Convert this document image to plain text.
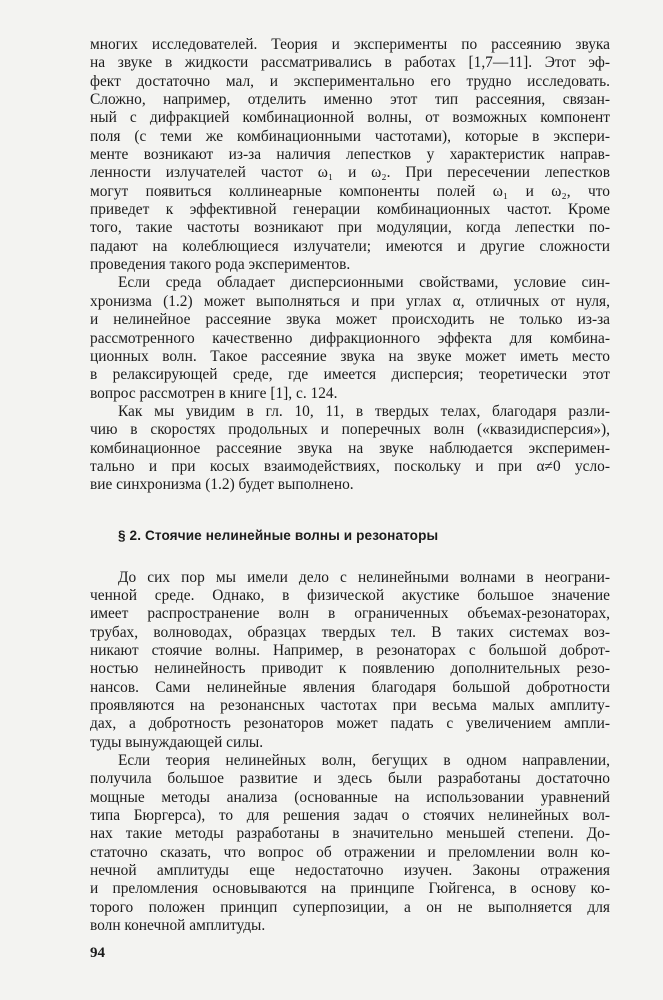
многих исследователей. Теория и эксперименты по рассеянию звука
на звуке в жидкости рассматривались в работах [1,7—11]. Этот эф-
фект достаточно мал, и экспериментально его трудно исследовать.
Сложно, например, отделить именно этот тип рассеяния, связан-
ный с дифракцией комбинационной волны, от возможных компонент
поля (с теми же комбинационными частотами), которые в экспери-
менте возникают из-за наличия лепестков у характеристик направ-
ленности излучателей частот ω₁ и ω₂. При пересечении лепестков
могут появиться коллинеарные компоненты полей ω₁ и ω₂, что
приведет к эффективной генерации комбинационных частот. Кроме
того, такие частоты возникают при модуляции, когда лепестки по-
падают на колеблющиеся излучатели; имеются и другие сложности
проведения такого рода экспериментов.
Если среда обладает дисперсионными свойствами, условие син-
хронизма (1.2) может выполняться и при углах α, отличных от нуля,
и нелинейное рассеяние звука может происходить не только из-за
рассмотренного качественно дифракционного эффекта для комбина-
ционных волн. Такое рассеяние звука на звуке может иметь место
в релаксирующей среде, где имеется дисперсия; теоретически этот
вопрос рассмотрен в книге [1], с. 124.
Как мы увидим в гл. 10, 11, в твердых телах, благодаря разли-
чию в скоростях продольных и поперечных волн («квазидисперсия»),
комбинационное рассеяние звука на звуке наблюдается эксперимен-
тально и при косых взаимодействиях, поскольку и при α≠0 усло-
вие синхронизма (1.2) будет выполнено.
§ 2. Стоячие нелинейные волны и резонаторы
До сих пор мы имели дело с нелинейными волнами в неограни-
ченной среде. Однако, в физической акустике большое значение
имеет распространение волн в ограниченных объемах-резонаторах,
трубах, волноводах, образцах твердых тел. В таких системах воз-
никают стоячие волны. Например, в резонаторах с большой доброт-
ностью нелинейность приводит к появлению дополнительных резо-
нансов. Сами нелинейные явления благодаря большой добротности
проявляются на резонансных частотах при весьма малых амплиту-
дах, а добротность резонаторов может падать с увеличением ампли-
туды вынуждающей силы.
Если теория нелинейных волн, бегущих в одном направлении,
получила большое развитие и здесь были разработаны достаточно
мощные методы анализа (основанные на использовании уравнений
типа Бюргерса), то для решения задач о стоячих нелинейных вол-
нах такие методы разработаны в значительно меньшей степени. До-
статочно сказать, что вопрос об отражении и преломлении волн ко-
нечной амплитуды еще недостаточно изучен. Законы отражения
и преломления основываются на принципе Гюйгенса, в основу ко-
торого положен принцип суперпозиции, а он не выполняется для
волн конечной амплитуды.
94
